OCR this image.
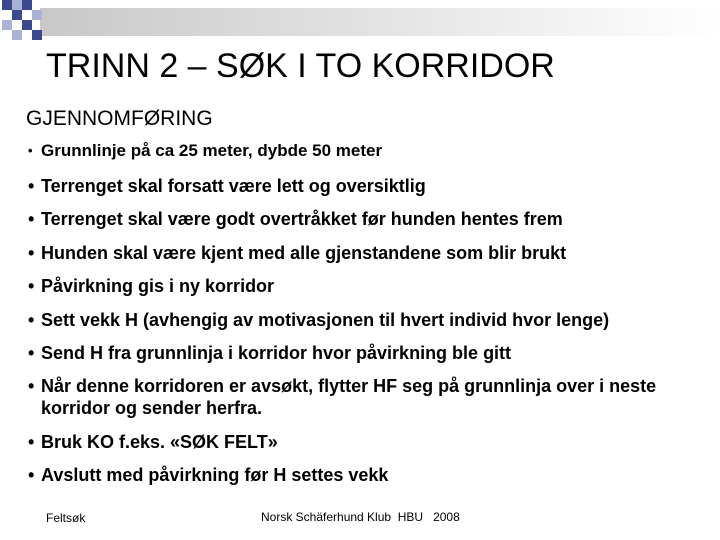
TRINN 2 – SØK I TO KORRIDOR
GJENNOMFØRING
• Grunnlinje på ca 25 meter, dybde 50 meter
• Terrenget skal forsatt være lett og oversiktlig
• Terrenget skal være godt overtråkket før hunden hentes frem
• Hunden skal være kjent med alle gjenstandene som blir brukt
• Påvirkning gis i ny korridor
• Sett vekk H (avhengig av motivasjonen til hvert individ hvor lenge)
• Send H fra grunnlinja i korridor hvor påvirkning ble gitt
• Når denne korridoren er avsøkt, flytter HF seg på grunnlinja over i neste korridor og sender herfra.
• Bruk KO f.eks. «SØK FELT»
• Avslutt med påvirkning før H settes vekk
Feltsøk	Norsk Schäferhund Klub  HBU   2008
